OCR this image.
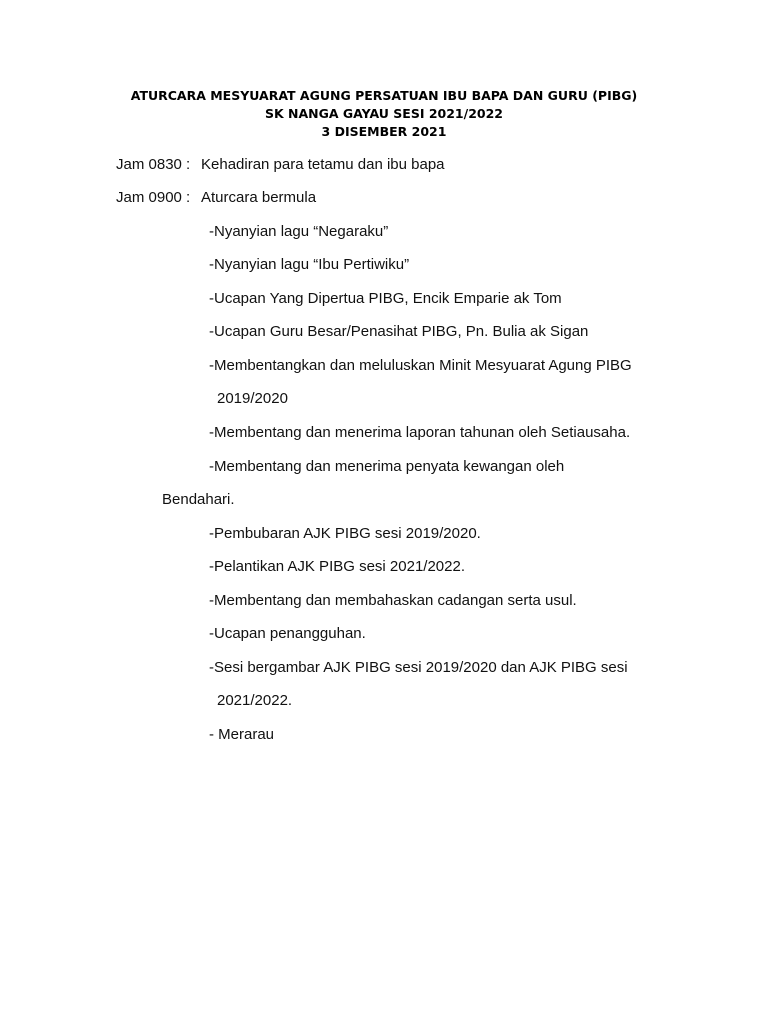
ATURCARA MESYUARAT AGUNG PERSATUAN IBU BAPA DAN GURU (PIBG)

SK NANGA GAYAU SESI 2021/2022

3 DISEMBER 2021

Jam 0830 : Kehadiran para tetamu dan ibu bapa

Jam 0900 : Aturcara bermula

-Nyanyian lagu “Negaraku”

-Nyanyian lagu “Ibu Pertiwiku”

-Ucapan Yang Dipertua PIBG, Encik Emparie ak Tom

-Ucapan Guru Besar/Penasihat PIBG, Pn. Bulia ak Sigan

-Membentangkan dan meluluskan Minit Mesyuarat Agung PIBG

2019/2020

-Membentang dan menerima laporan tahunan oleh Setiausaha.

-Membentang dan menerima penyata kewangan oleh

Bendahari.

-Pembubaran AJK PIBG sesi 2019/2020.

-Pelantikan AJK PIBG sesi 2021/2022.

-Membentang dan membahaskan cadangan serta usul.

-Ucapan penangguhan.

-Sesi bergambar AJK PIBG sesi 2019/2020 dan AJK PIBG sesi

2021/2022.

- Merarau
